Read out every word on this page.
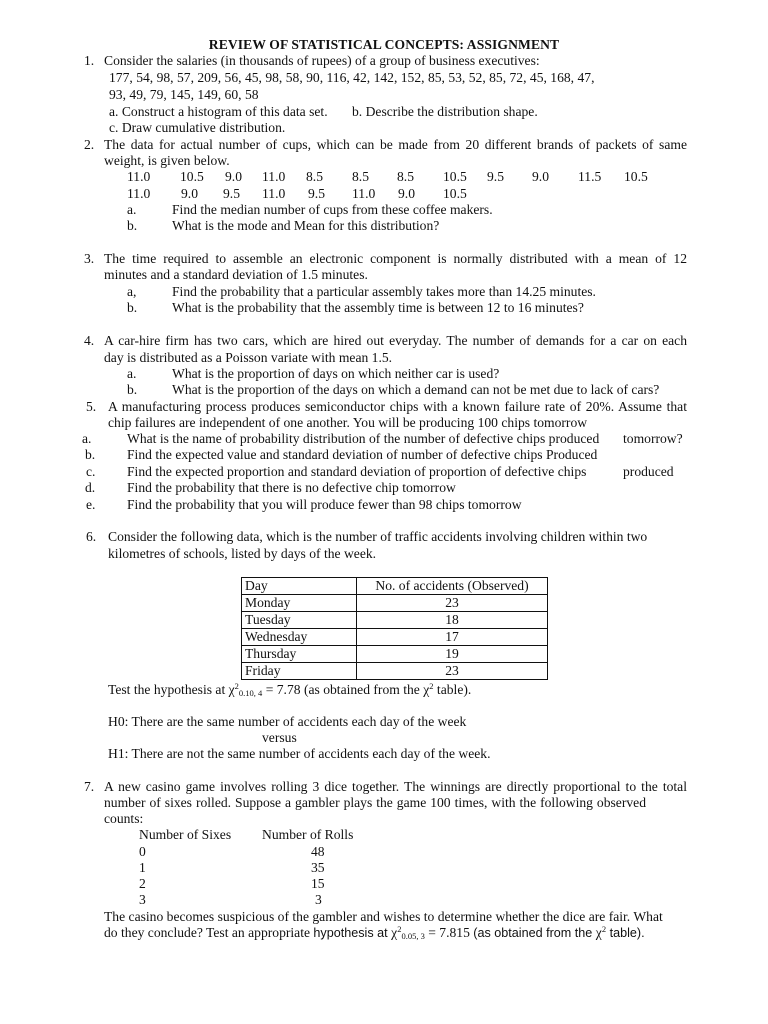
REVIEW OF STATISTICAL CONCEPTS: ASSIGNMENT
1. Consider the salaries (in thousands of rupees) of a group of business executives:
177, 54, 98, 57, 209, 56, 45, 98, 58, 90, 116, 42, 142, 152, 85, 53, 52, 85, 72, 45, 168, 47,
93, 49, 79, 145, 149, 60, 58
a. Construct a histogram of this data set. b. Describe the distribution shape.
c. Draw cumulative distribution.
2. The data for actual number of cups, which can be made from 20 different brands of packets of same
weight, is given below.
11.0 10.5 9.0 11.0 8.5 8.5 8.5 10.5 9.5 9.0 11.5 10.5
11.0 9.0 9.5 11.0 9.5 11.0 9.0 10.5
a.	Find the median number of cups from these coffee makers.
b.	What is the mode and Mean for this distribution?
3. The time required to assemble an electronic component is normally distributed with a mean of 12
minutes and a standard deviation of 1.5 minutes.
a,	Find the probability that a particular assembly takes more than 14.25 minutes.
b.	What is the probability that the assembly time is between 12 to 16 minutes?
4. A car-hire firm has two cars, which are hired out everyday. The number of demands for a car on each
day is distributed as a Poisson variate with mean 1.5.
a.	What is the proportion of days on which neither car is used?
b.	What is the proportion of the days on which a demand can not be met due to lack of cars?
5. A manufacturing process produces semiconductor chips with a known failure rate of 20%. Assume that
chip failures are independent of one another. You will be producing 100 chips tomorrow
a.	What is the name of probability distribution of the number of defective chips produced tomorrow?
b. Find the expected value and standard deviation of number of defective chips Produced
c. Find the expected proportion and standard deviation of proportion of defective chips	produced
d. Find the probability that there is no defective chip tomorrow
e. Find the probability that you will produce fewer than 98 chips tomorrow
6. Consider the following data, which is the number of traffic accidents involving children within two
kilometres of schools, listed by days of the week.
Day	No. of accidents (Observed)
Monday	23
Tuesday	18
Wednesday	17
Thursday	19
Friday	23
Test the hypothesis at $\chi^2_{0.10, 4} = 7.78$ (as obtained from the $\chi^2$ table).
H0: There are the same number of accidents each day of the week
versus
H1: There are not the same number of accidents each day of the week.
7. A new casino game involves rolling 3 dice together. The winnings are directly proportional to the total
number of sixes rolled. Suppose a gambler plays the game 100 times, with the following observed
counts:
Number of Sixes Number of Rolls
0	48
1	35
2	15
3	3
The casino becomes suspicious of the gambler and wishes to determine whether the dice are fair. What
do they conclude? Test an appropriate hypothesis at $\chi^2_{0.05, 3} = 7.815$ (as obtained from the $\chi^2$ table).
